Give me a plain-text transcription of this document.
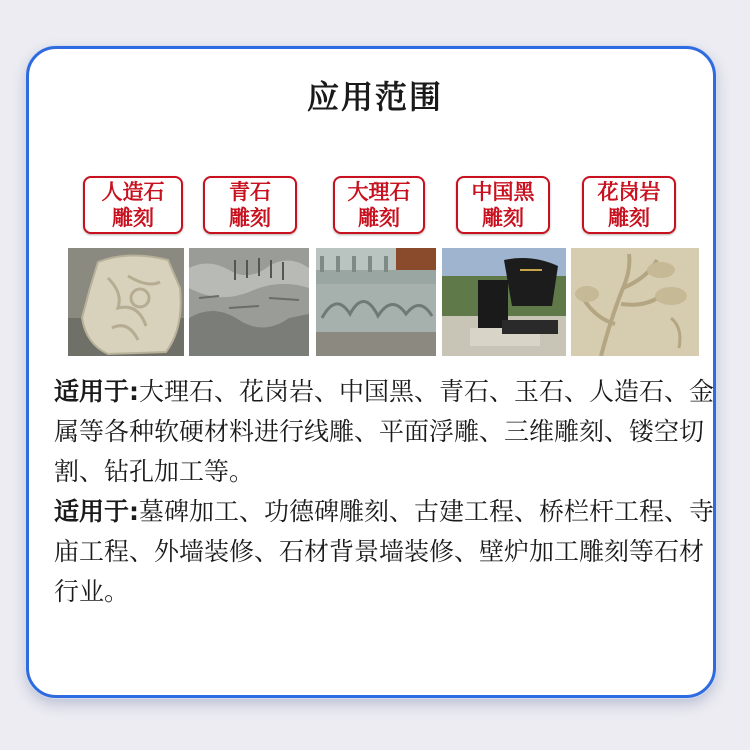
应用范围
人造石
雕刻
青石
雕刻
大理石
雕刻
中国黑
雕刻
花岗岩
雕刻

适用于:大理石、花岗岩、中国黑、青石、玉石、人造石、金属等各种软硬材料进行线雕、平面浮雕、三维雕刻、镂空切割、钻孔加工等。

适用于:墓碑加工、功德碑雕刻、古建工程、桥栏杆工程、寺庙工程、外墙装修、石材背景墙装修、壁炉加工雕刻等石材行业。
